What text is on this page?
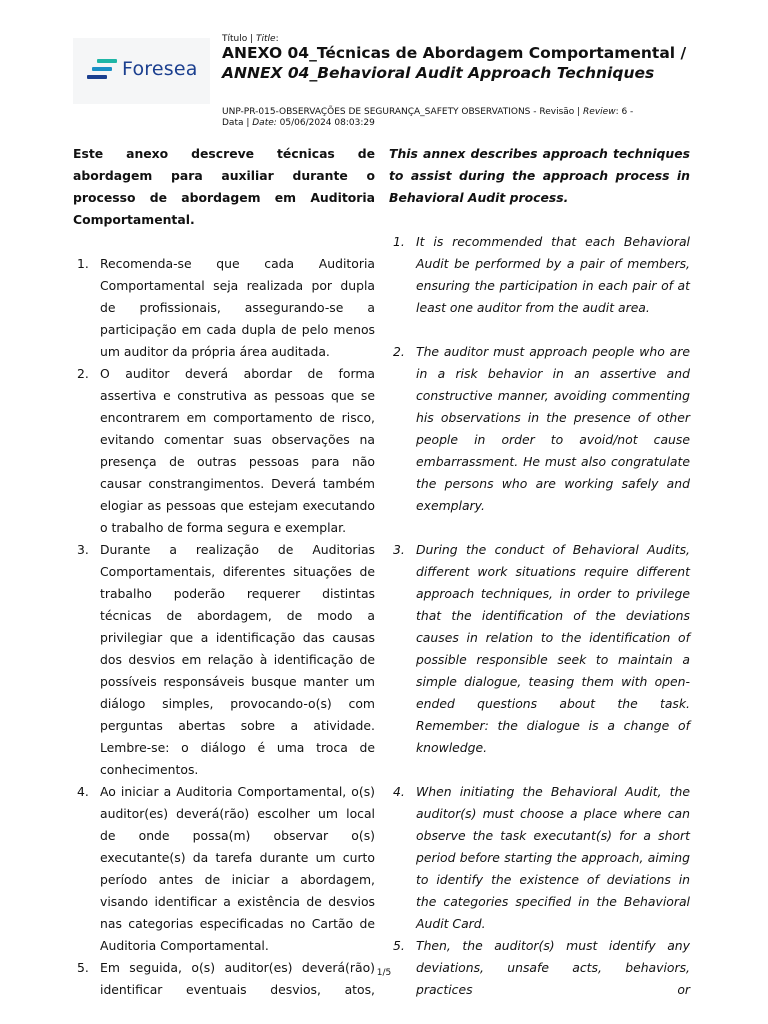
Foresea
Título | Title:
ANEXO 04_Técnicas de Abordagem Comportamental /
ANNEX 04_Behavioral Audit Approach Techniques
UNP-PR-015-OBSERVAÇÕES DE SEGURANÇA_SAFETY OBSERVATIONS - Revisão | Review: 6 -
Data | Date: 05/06/2024 08:03:29

Este anexo descreve técnicas de abordagem para auxiliar durante o processo de abordagem em Auditoria Comportamental.

1. Recomenda-se que cada Auditoria Comportamental seja realizada por dupla de profissionais, assegurando-se a participação em cada dupla de pelo menos um auditor da própria área auditada.
2. O auditor deverá abordar de forma assertiva e construtiva as pessoas que se encontrarem em comportamento de risco, evitando comentar suas observações na presença de outras pessoas para não causar constrangimentos. Deverá também elogiar as pessoas que estejam executando o trabalho de forma segura e exemplar.
3. Durante a realização de Auditorias Comportamentais, diferentes situações de trabalho poderão requerer distintas técnicas de abordagem, de modo a privilegiar que a identificação das causas dos desvios em relação à identificação de possíveis responsáveis busque manter um diálogo simples, provocando-o(s) com perguntas abertas sobre a atividade. Lembre-se: o diálogo é uma troca de conhecimentos.
4. Ao iniciar a Auditoria Comportamental, o(s) auditor(es) deverá(rão) escolher um local de onde possa(m) observar o(s) executante(s) da tarefa durante um curto período antes de iniciar a abordagem, visando identificar a existência de desvios nas categorias especificadas no Cartão de Auditoria Comportamental.
5. Em seguida, o(s) auditor(es) deverá(rão) identificar eventuais desvios, atos,

This annex describes approach techniques to assist during the approach process in Behavioral Audit process.

1. It is recommended that each Behavioral Audit be performed by a pair of members, ensuring the participation in each pair of at least one auditor from the audit area.
2. The auditor must approach people who are in a risk behavior in an assertive and constructive manner, avoiding commenting his observations in the presence of other people in order to avoid/not cause embarrassment. He must also congratulate the persons who are working safely and exemplary.
3. During the conduct of Behavioral Audits, different work situations require different approach techniques, in order to privilege that the identification of the deviations causes in relation to the identification of possible responsible seek to maintain a simple dialogue, teasing them with open-ended questions about the task. Remember: the dialogue is a change of knowledge.
4. When initiating the Behavioral Audit, the auditor(s) must choose a place where can observe the task executant(s) for a short period before starting the approach, aiming to identify the existence of deviations in the categories specified in the Behavioral Audit Card.
5. Then, the auditor(s) must identify any deviations, unsafe acts, behaviors, practices or
1/5
